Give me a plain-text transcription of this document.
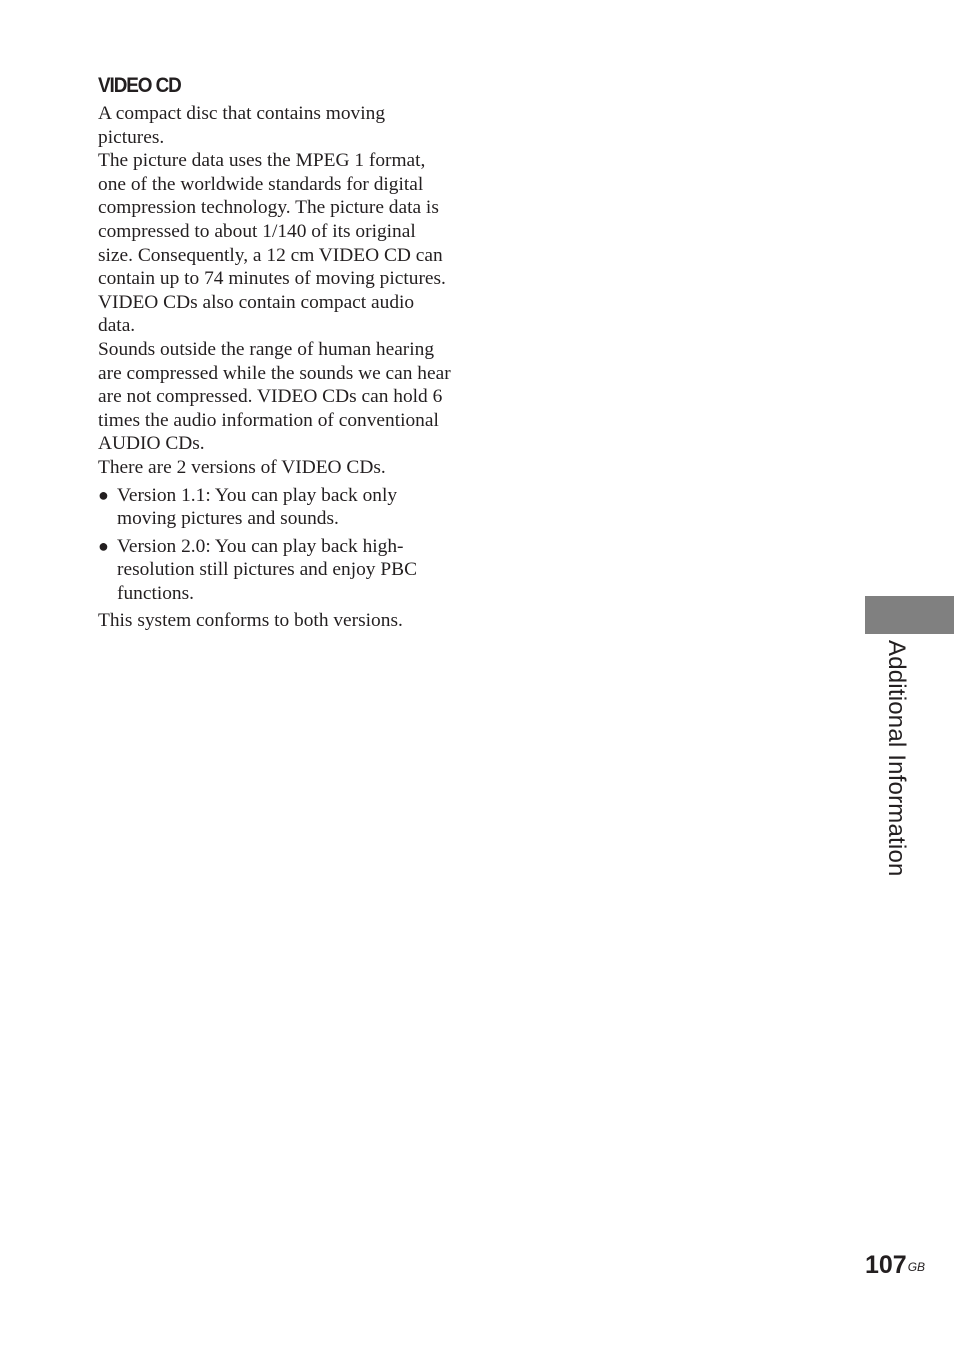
VIDEO CD

A compact disc that contains moving pictures.

The picture data uses the MPEG 1 format, one of the worldwide standards for digital compression technology. The picture data is compressed to about 1/140 of its original size. Consequently, a 12 cm VIDEO CD can contain up to 74 minutes of moving pictures.

VIDEO CDs also contain compact audio data.

Sounds outside the range of human hearing are compressed while the sounds we can hear are not compressed. VIDEO CDs can hold 6 times the audio information of conventional AUDIO CDs.

There are 2 versions of VIDEO CDs.

● Version 1.1: You can play back only moving pictures and sounds.
● Version 2.0: You can play back high-resolution still pictures and enjoy PBC functions.

This system conforms to both versions.

Additional Information
$107^{GB}$
